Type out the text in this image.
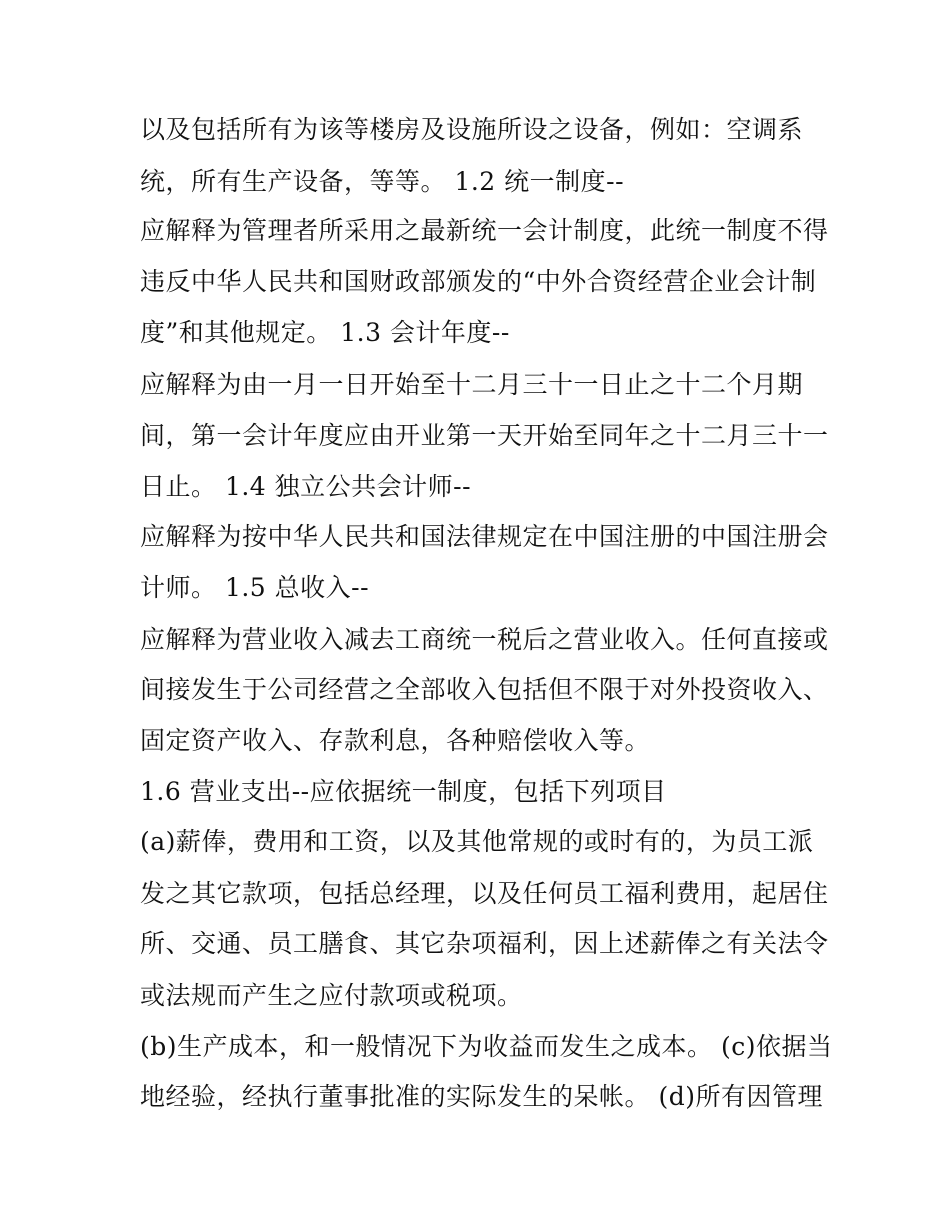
以及包括所有为该等楼房及设施所设之设备，例如：空调系
统，所有生产设备，等等。 1.2 统一制度--
应解释为管理者所采用之最新统一会计制度，此统一制度不得
违反中华人民共和国财政部颁发的“中外合资经营企业会计制
度”和其他规定。 1.3 会计年度--
应解释为由一月一日开始至十二月三十一日止之十二个月期
间，第一会计年度应由开业第一天开始至同年之十二月三十一
日止。 1.4 独立公共会计师--
应解释为按中华人民共和国法律规定在中国注册的中国注册会
计师。 1.5 总收入--
应解释为营业收入减去工商统一税后之营业收入。任何直接或
间接发生于公司经营之全部收入包括但不限于对外投资收入、
固定资产收入、存款利息，各种赔偿收入等。
1.6 营业支出--应依据统一制度，包括下列项目
(a)薪俸，费用和工资，以及其他常规的或时有的，为员工派
发之其它款项，包括总经理，以及任何员工福利费用，起居住
所、交通、员工膳食、其它杂项福利，因上述薪俸之有关法令
或法规而产生之应付款项或税项。
(b)生产成本，和一般情况下为收益而发生之成本。 (c)依据当
地经验，经执行董事批准的实际发生的呆帐。 (d)所有因管理
